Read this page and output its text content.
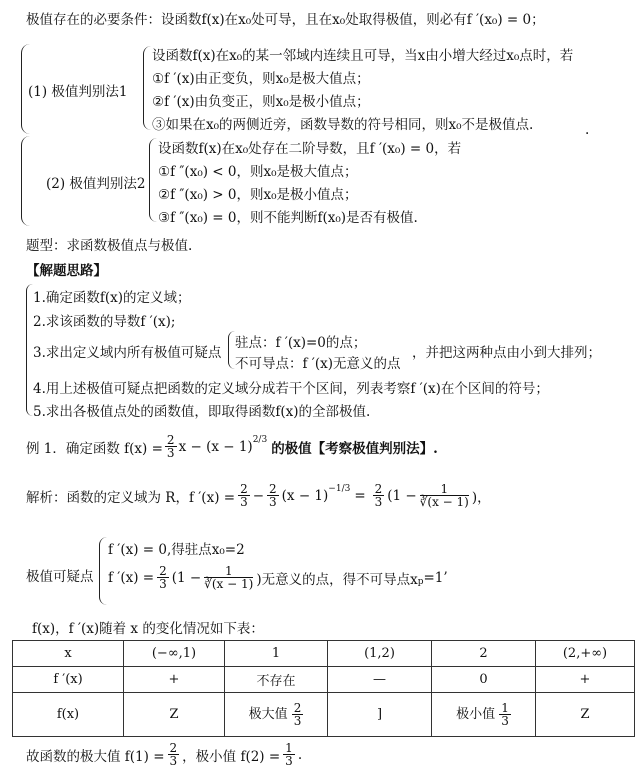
极值存在的必要条件：设函数f(x)在x₀处可导，且在x₀处取得极值，则必有f ′(x₀) = 0；
(1) 极值判别法1
设函数f(x)在x₀的某一邻域内连续且可导，当x由小增大经过x₀点时，若
①f ′(x)由正变负，则x₀是极大值点；
②f ′(x)由负变正，则x₀是极小值点；
③如果在x₀的两侧近旁，函数导数的符号相同，则x₀不是极值点.	.
(2) 极值判别法2
设函数f(x)在x₀处存在二阶导数，且f ′(x₀) = 0，若
①f ″(x₀) < 0，则x₀是极大值点；
②f ″(x₀) > 0，则x₀是极小值点；
③f ″(x₀) = 0，则不能判断f(x₀)是否有极值.
题型：求函数极值点与极值.
【解题思路】
1.确定函数f(x)的定义域；
2.求该函数的导数f ′(x);
3.求出定义域内所有极值可疑点
驻点：f ′(x)=0的点；
不可导点：f ′(x)无意义的点
，并把这两种点由小到大排列；
4.用上述极值可疑点把函数的定义域分成若干个区间，列表考察f ′(x)在个区间的符号；
5.求出各极值点处的函数值，即取得函数f(x)的全部极值.
例 1．确定函数 $f(x) = \frac{2}{3}$ x − (x − 1) 2/3
的极值【考察极值判别法】.
解析：函数的定义域为 R，f $'(x) = \frac{2}{3} - \frac{2}{3} (x - 1) -1/3 = \frac{2}{3} (1 - \frac{1}{∛(x - 1)}$ )，
极值可疑点
f ′(x) = 0,得驻点x₀=2
f $'(x) = \frac{2}{3} (1 - \frac{1}{∛(x - 1)}$ )无意义的点，得不可导点x p =1’
f(x)，f ′(x)随着 x 的变化情况如下表：
x	(−∞,1)	1	(1,2)	2	(2,+∞)
f ′(x)	+	不存在	—	0	+
f(x)	Z	极大值 $\frac{2}{3}$	]	极小值 $\frac{1}{3}$	Z
故函数的极大值 $f(1) = \frac{2}{3}$ ，极小值 $f(2) = \frac{1}{3}$ .
